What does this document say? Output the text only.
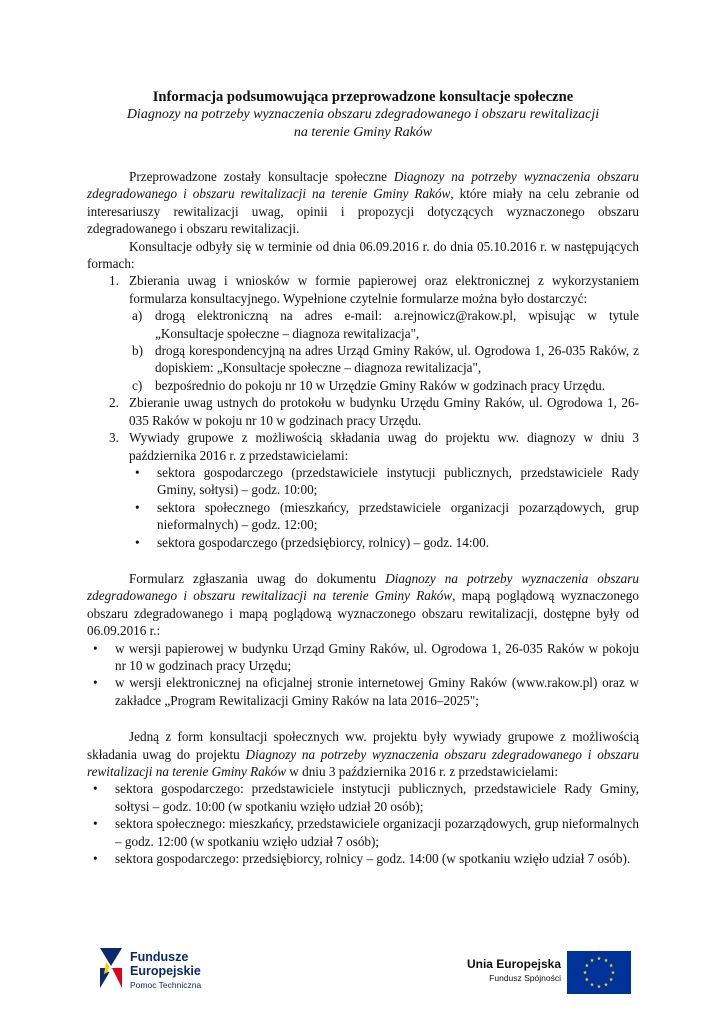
Informacja podsumowująca przeprowadzone konsultacje społeczne

Diagnozy na potrzeby wyznaczenia obszaru zdegradowanego i obszaru rewitalizacji

na terenie Gminy Raków

Przeprowadzone zostały konsultacje społeczne Diagnozy na potrzeby wyznaczenia obszaru zdegradowanego i obszaru rewitalizacji na terenie Gminy Raków, które miały na celu zebranie od interesariuszy rewitalizacji uwag, opinii i propozycji dotyczących wyznaczonego obszaru zdegradowanego i obszaru rewitalizacji.

Konsultacje odbyły się w terminie od dnia 06.09.2016 r. do dnia 05.10.2016 r. w następujących formach:

1. Zbierania uwag i wniosków w formie papierowej oraz elektronicznej z wykorzystaniem formularza konsultacyjnego. Wypełnione czytelnie formularze można było dostarczyć:
a) drogą elektroniczną na adres e-mail: a.rejnowicz@rakow.pl, wpisując w tytule „Konsultacje społeczne – diagnoza rewitalizacja",
b) drogą korespondencyjną na adres Urząd Gminy Raków, ul. Ogrodowa 1, 26-035 Raków, z dopiskiem: „Konsultacje społeczne – diagnoza rewitalizacja",
c) bezpośrednio do pokoju nr 10 w Urzędzie Gminy Raków w godzinach pracy Urzędu.
2. Zbieranie uwag ustnych do protokołu w budynku Urzędu Gminy Raków, ul. Ogrodowa 1, 26-035 Raków w pokoju nr 10 w godzinach pracy Urzędu.
3. Wywiady grupowe z możliwością składania uwag do projektu ww. diagnozy w dniu 3 października 2016 r. z przedstawicielami:
• sektora gospodarczego (przedstawiciele instytucji publicznych, przedstawiciele Rady Gminy, sołtysi) – godz. 10:00;
• sektora społecznego (mieszkańcy, przedstawiciele organizacji pozarządowych, grup nieformalnych) – godz. 12:00;
• sektora gospodarczego (przedsiębiorcy, rolnicy) – godz. 14:00.

Formularz zgłaszania uwag do dokumentu Diagnozy na potrzeby wyznaczenia obszaru zdegradowanego i obszaru rewitalizacji na terenie Gminy Raków, mapą poglądową wyznaczonego obszaru zdegradowanego i mapą poglądową wyznaczonego obszaru rewitalizacji, dostępne były od 06.09.2016 r.:

• w wersji papierowej w budynku Urząd Gminy Raków, ul. Ogrodowa 1, 26-035 Raków w pokoju nr 10 w godzinach pracy Urzędu;
• w wersji elektronicznej na oficjalnej stronie internetowej Gminy Raków (www.rakow.pl) oraz w zakładce „Program Rewitalizacji Gminy Raków na lata 2016–2025";

Jedną z form konsultacji społecznych ww. projektu były wywiady grupowe z możliwością składania uwag do projektu Diagnozy na potrzeby wyznaczenia obszaru zdegradowanego i obszaru rewitalizacji na terenie Gminy Raków w dniu 3 października 2016 r. z przedstawicielami:

• sektora gospodarczego: przedstawiciele instytucji publicznych, przedstawiciele Rady Gminy, sołtysi – godz. 10:00 (w spotkaniu wzięło udział 20 osób);
• sektora społecznego: mieszkańcy, przedstawiciele organizacji pozarządowych, grup nieformalnych – godz. 12:00 (w spotkaniu wzięło udział 7 osób);
• sektora gospodarczego: przedsiębiorcy, rolnicy – godz. 14:00 (w spotkaniu wzięło udział 7 osób).
Fundusze
Europejskie
Pomoc Techniczna
Unia Europejska
Fundusz Spójności
